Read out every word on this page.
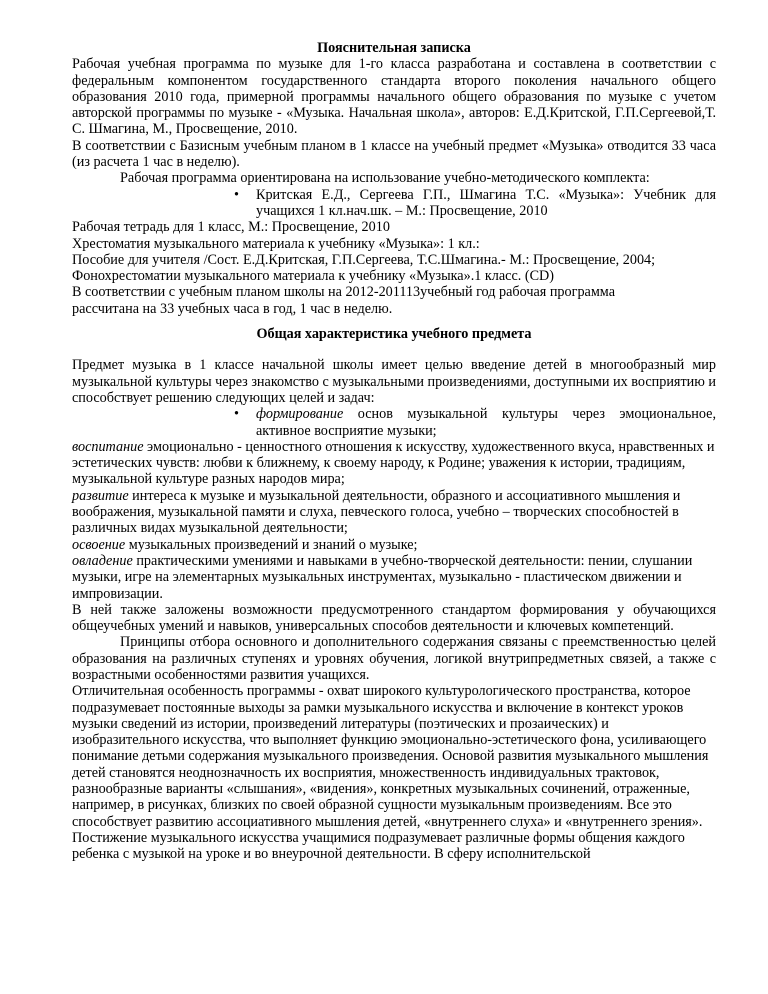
Пояснительная записка

Рабочая учебная программа по музыке для 1-го класса разработана и составлена в соответствии с федеральным компонентом государственного стандарта второго поколения начального общего образования 2010 года, примерной программы начального общего образования по музыке с учетом авторской программы по музыке - «Музыка. Начальная школа», авторов: Е.Д.Критской, Г.П.Сергеевой,Т. С. Шмагина, М., Просвещение, 2010.

В соответствии с Базисным учебным планом в 1 классе на учебный предмет «Музыка» отводится 33 часа (из расчета 1 час в неделю).

Рабочая программа ориентирована на использование учебно-методического комплекта:

•	Критская Е.Д., Сергеева Г.П., Шмагина Т.С. «Музыка»: Учебник для учащихся 1 кл.нач.шк. – М.: Просвещение, 2010

Рабочая тетрадь для 1 класс, М.: Просвещение, 2010

Хрестоматия музыкального материала к учебнику «Музыка»: 1 кл.:

Пособие для учителя /Сост. Е.Д.Критская, Г.П.Сергеева, Т.С.Шмагина.- М.: Просвещение, 2004;

Фонохрестоматии музыкального материала к учебнику «Музыка».1 класс. (CD)

В соответствии с учебным планом школы на 2012-201113учебный год рабочая программа

рассчитана на 33 учебных часа в год, 1 час в неделю.

Общая характеристика учебного предмета

Предмет музыка в 1 классе начальной школы имеет целью введение детей в многообразный мир музыкальной культуры через знакомство с музыкальными произведениями, доступными их восприятию и способствует решению следующих целей и задач:

•	формирование основ музыкальной культуры через эмоциональное, активное восприятие музыки;

воспитание эмоционально - ценностного отношения к искусству, художественного вкуса, нравственных и эстетических чувств: любви к ближнему, к своему народу, к Родине; уважения к истории, традициям, музыкальной культуре разных народов мира;

развитие интереса к музыке и музыкальной деятельности, образного и ассоциативного мышления и воображения, музыкальной памяти и слуха, певческого голоса, учебно – творческих способностей в различных видах музыкальной деятельности;

освоение музыкальных произведений и знаний о музыке;

овладение практическими умениями и навыками в учебно-творческой деятельности: пении, слушании музыки, игре на элементарных музыкальных инструментах, музыкально - пластическом движении и импровизации.

В ней также заложены возможности предусмотренного стандартом формирования у обучающихся общеучебных умений и навыков, универсальных способов деятельности и ключевых компетенций.

Принципы отбора основного и дополнительного содержания связаны с преемственностью целей образования на различных ступенях и уровнях обучения, логикой внутрипредметных связей, а также с возрастными особенностями развития учащихся.

Отличительная особенность программы - охват широкого культурологического пространства, которое подразумевает постоянные выходы за рамки музыкального искусства и включение в контекст уроков музыки сведений из истории, произведений литературы (поэтических и прозаических) и изобразительного искусства, что выполняет функцию эмоционально-эстетического фона, усиливающего понимание детьми содержания музыкального произведения. Основой развития музыкального мышления детей становятся неоднозначность их восприятия, множественность индивидуальных трактовок, разнообразные варианты «слышания», «видения», конкретных музыкальных сочинений, отраженные, например, в рисунках, близких по своей образной сущности музыкальным произведениям. Все это способствует развитию ассоциативного мышления детей, «внутреннего слуха» и «внутреннего зрения».

Постижение музыкального искусства учащимися подразумевает различные формы общения каждого ребенка с музыкой на уроке и во внеурочной деятельности. В сферу исполнительской
